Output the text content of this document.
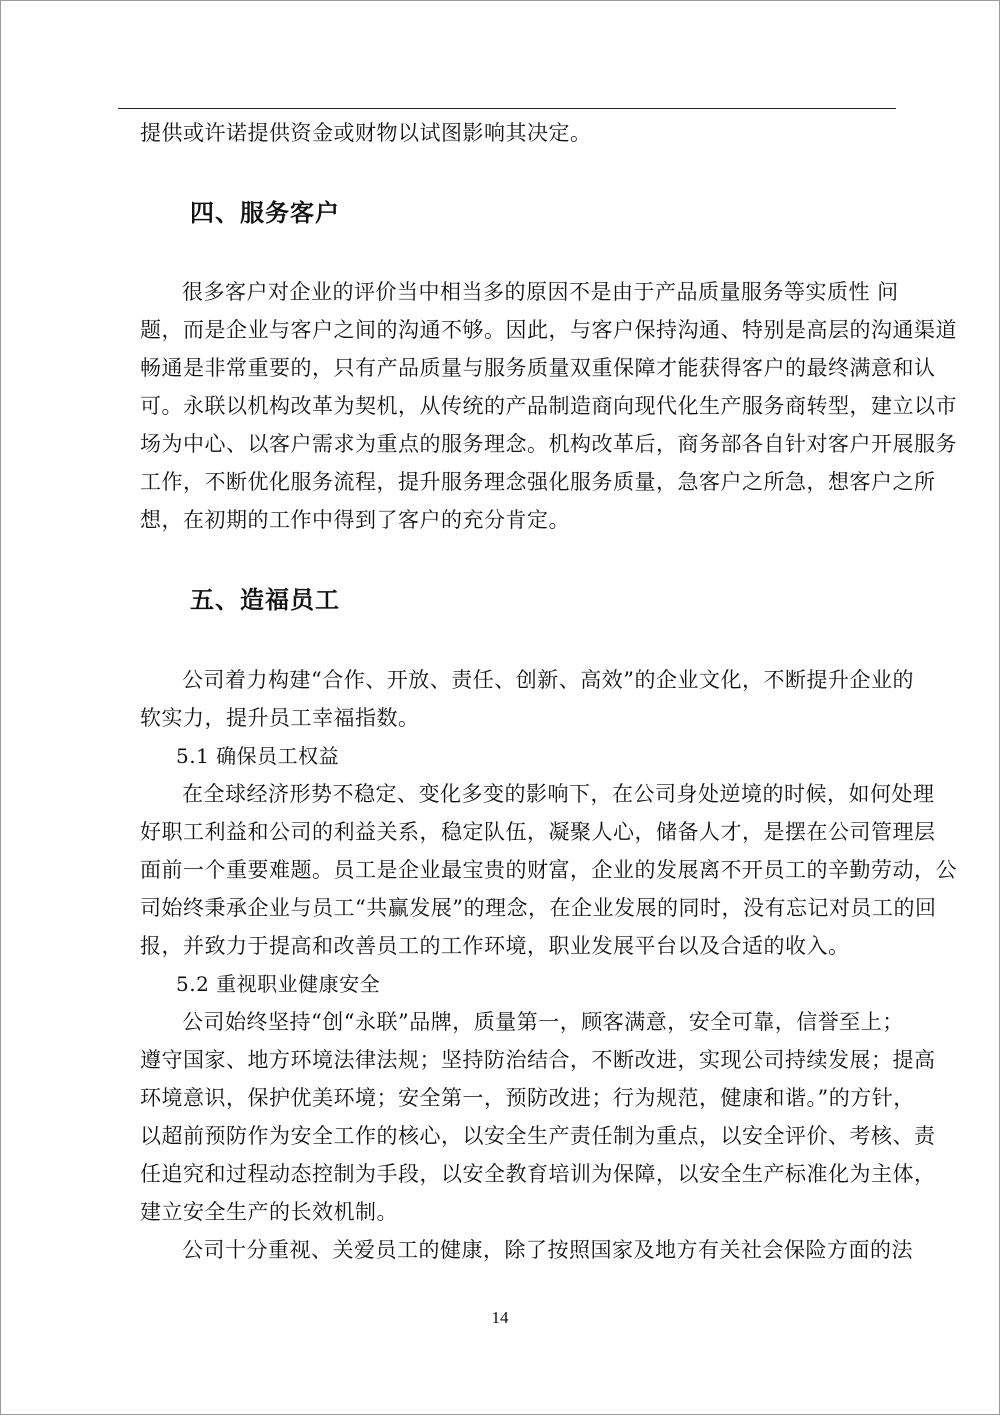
提供或许诺提供资金或财物以试图影响其决定。
四、服务客户
很多客户对企业的评价当中相当多的原因不是由于产品质量服务等实质性 问
题，而是企业与客户之间的沟通不够。因此，与客户保持沟通、特别是高层的沟通渠道
畅通是非常重要的，只有产品质量与服务质量双重保障才能获得客户的最终满意和认
可。永联以机构改革为契机，从传统的产品制造商向现代化生产服务商转型，建立以市
场为中心、以客户需求为重点的服务理念。机构改革后，商务部各自针对客户开展服务
工作，不断优化服务流程，提升服务理念强化服务质量，急客户之所急，想客户之所
想，在初期的工作中得到了客户的充分肯定。
五、造福员工
公司着力构建“合作、开放、责任、创新、高效”的企业文化，不断提升企业的
软实力，提升员工幸福指数。
5.1 确保员工权益
在全球经济形势不稳定、变化多变的影响下，在公司身处逆境的时候，如何处理
好职工利益和公司的利益关系，稳定队伍，凝聚人心，储备人才，是摆在公司管理层
面前一个重要难题。员工是企业最宝贵的财富，企业的发展离不开员工的辛勤劳动，公
司始终秉承企业与员工“共赢发展”的理念，在企业发展的同时，没有忘记对员工的回
报，并致力于提高和改善员工的工作环境，职业发展平台以及合适的收入。
5.2 重视职业健康安全
公司始终坚持“创“永联”品牌，质量第一，顾客满意，安全可靠，信誉至上；
遵守国家、地方环境法律法规；坚持防治结合，不断改进，实现公司持续发展；提高
环境意识，保护优美环境；安全第一，预防改进；行为规范，健康和谐。”的方针，
以超前预防作为安全工作的核心，以安全生产责任制为重点，以安全评价、考核、责
任追究和过程动态控制为手段，以安全教育培训为保障，以安全生产标准化为主体，
建立安全生产的长效机制。
公司十分重视、关爱员工的健康，除了按照国家及地方有关社会保险方面的法
14
